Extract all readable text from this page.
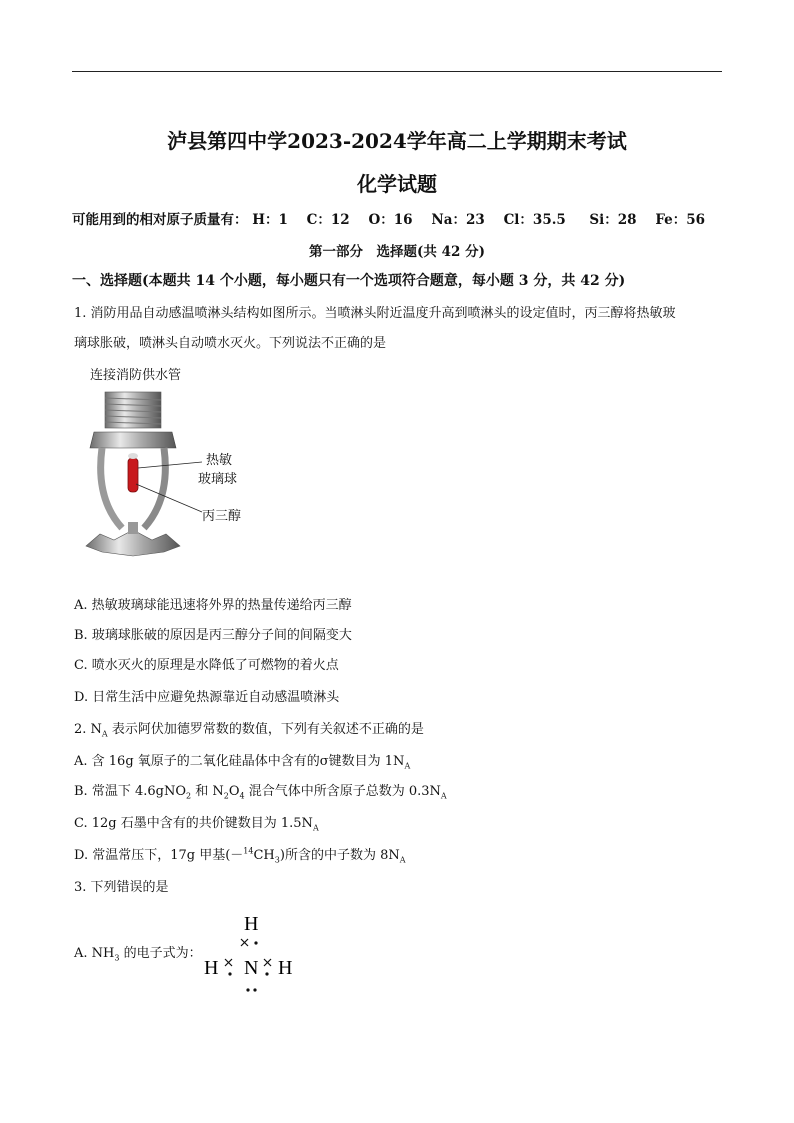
泸县第四中学2023-2024学年高二上学期期末考试
化学试题
可能用到的相对原子质量有： H：1 C：12 O：16 Na：23 Cl：35.5 Si：28 Fe：56
第一部分　选择题(共 42 分)
一、选择题(本题共 14 个小题，每小题只有一个选项符合题意，每小题 3 分，共 42 分)
1. 消防用品自动感温喷淋头结构如图所示。当喷淋头附近温度升高到喷淋头的设定值时，丙三醇将热敏玻
璃球胀破，喷淋头自动喷水灭火。下列说法不正确的是
连接消防供水管
热敏
玻璃球
丙三醇
A. 热敏玻璃球能迅速将外界的热量传递给丙三醇
B. 玻璃球胀破的原因是丙三醇分子间的间隔变大
C. 喷水灭火的原理是水降低了可燃物的着火点
D. 日常生活中应避免热源靠近自动感温喷淋头
2. $N_A$ 表示阿伏加德罗常数的数值，下列有关叙述不正确的是
A. 含 16g 氧原子的二氧化硅晶体中含有的σ键数目为 $1N_A$
B. 常温下 4.6gNO$_2$ 和 $N_2O_4$ 混合气体中所含原子总数为 $0.3N_A$
C. 12g 石墨中含有的共价键数目为 $1.5N_A$
D. 常温常压下，17g 甲基$(-^{14}CH_3)$所含的中子数为 $8N_A$
3. 下列错误的是
A. $NH_3$ 的电子式为：
H
H N H
